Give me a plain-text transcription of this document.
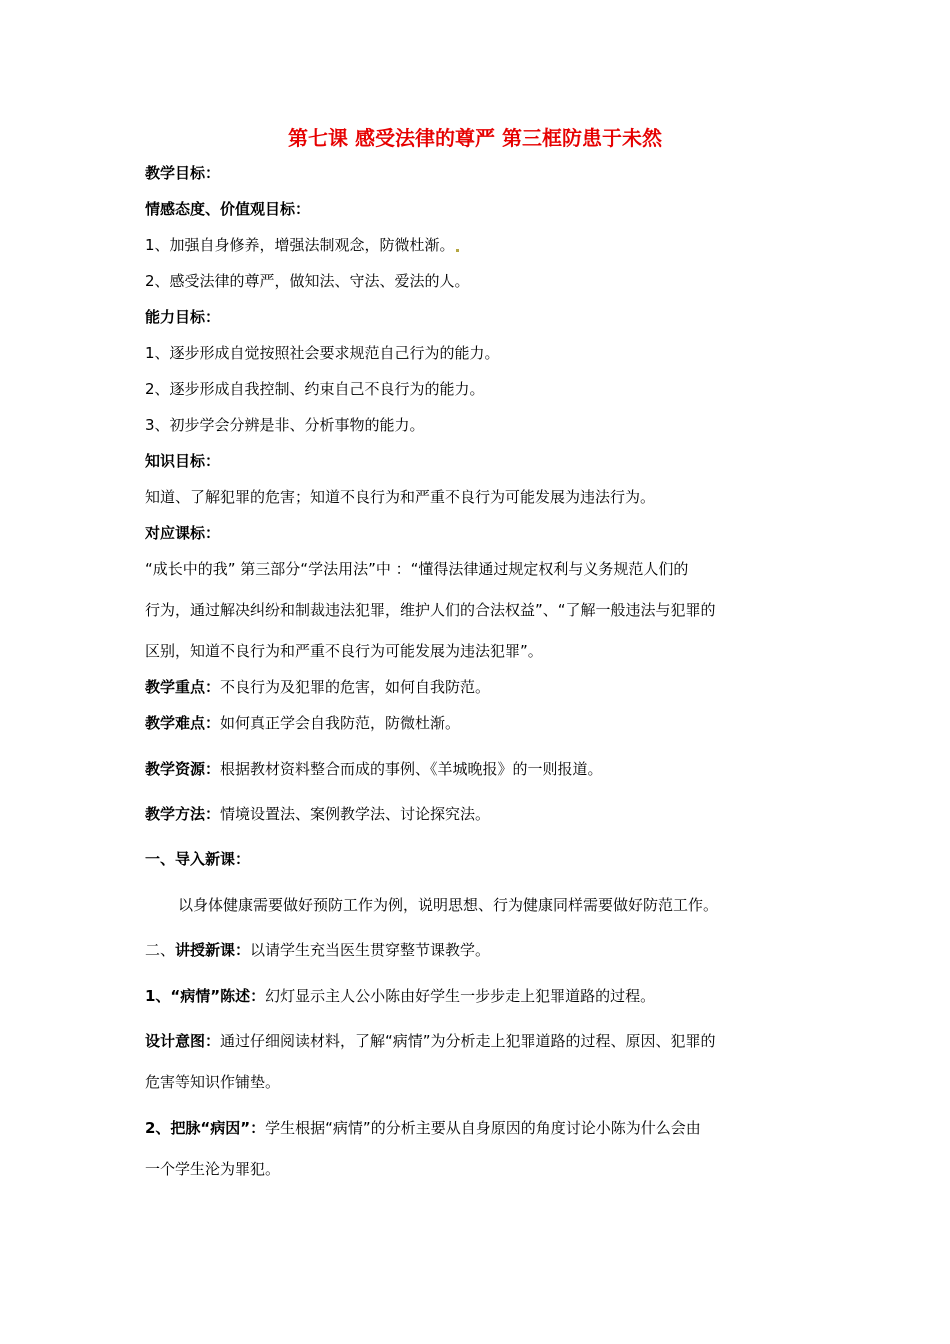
第七课 感受法律的尊严 第三框防患于未然
教学目标：
情感态度、价值观目标：
1、加强自身修养，增强法制观念，防微杜渐。
2、感受法律的尊严，做知法、守法、爱法的人。
能力目标：
1、逐步形成自觉按照社会要求规范自己行为的能力。
2、逐步形成自我控制、约束自己不良行为的能力。
3、初步学会分辨是非、分析事物的能力。
知识目标：
知道、了解犯罪的危害；知道不良行为和严重不良行为可能发展为违法行为。
对应课标：
“成长中的我” 第三部分“学法用法”中 ：“懂得法律通过规定权利与义务规范人们的
行为，通过解决纠纷和制裁违法犯罪，维护人们的合法权益”、“了解一般违法与犯罪的
区别，知道不良行为和严重不良行为可能发展为违法犯罪”。
教学重点：不良行为及犯罪的危害，如何自我防范。
教学难点：如何真正学会自我防范，防微杜渐。
教学资源：根据教材资料整合而成的事例、《羊城晚报》的一则报道。
教学方法：情境设置法、案例教学法、讨论探究法。
一、导入新课：
以身体健康需要做好预防工作为例，说明思想、行为健康同样需要做好防范工作。
二、讲授新课：以请学生充当医生贯穿整节课教学。
1、“病情”陈述：幻灯显示主人公小陈由好学生一步步走上犯罪道路的过程。
设计意图：通过仔细阅读材料，了解“病情”为分析走上犯罪道路的过程、原因、犯罪的
危害等知识作铺垫。
2、把脉“病因”：学生根据“病情”的分析主要从自身原因的角度讨论小陈为什么会由
一个学生沦为罪犯。
